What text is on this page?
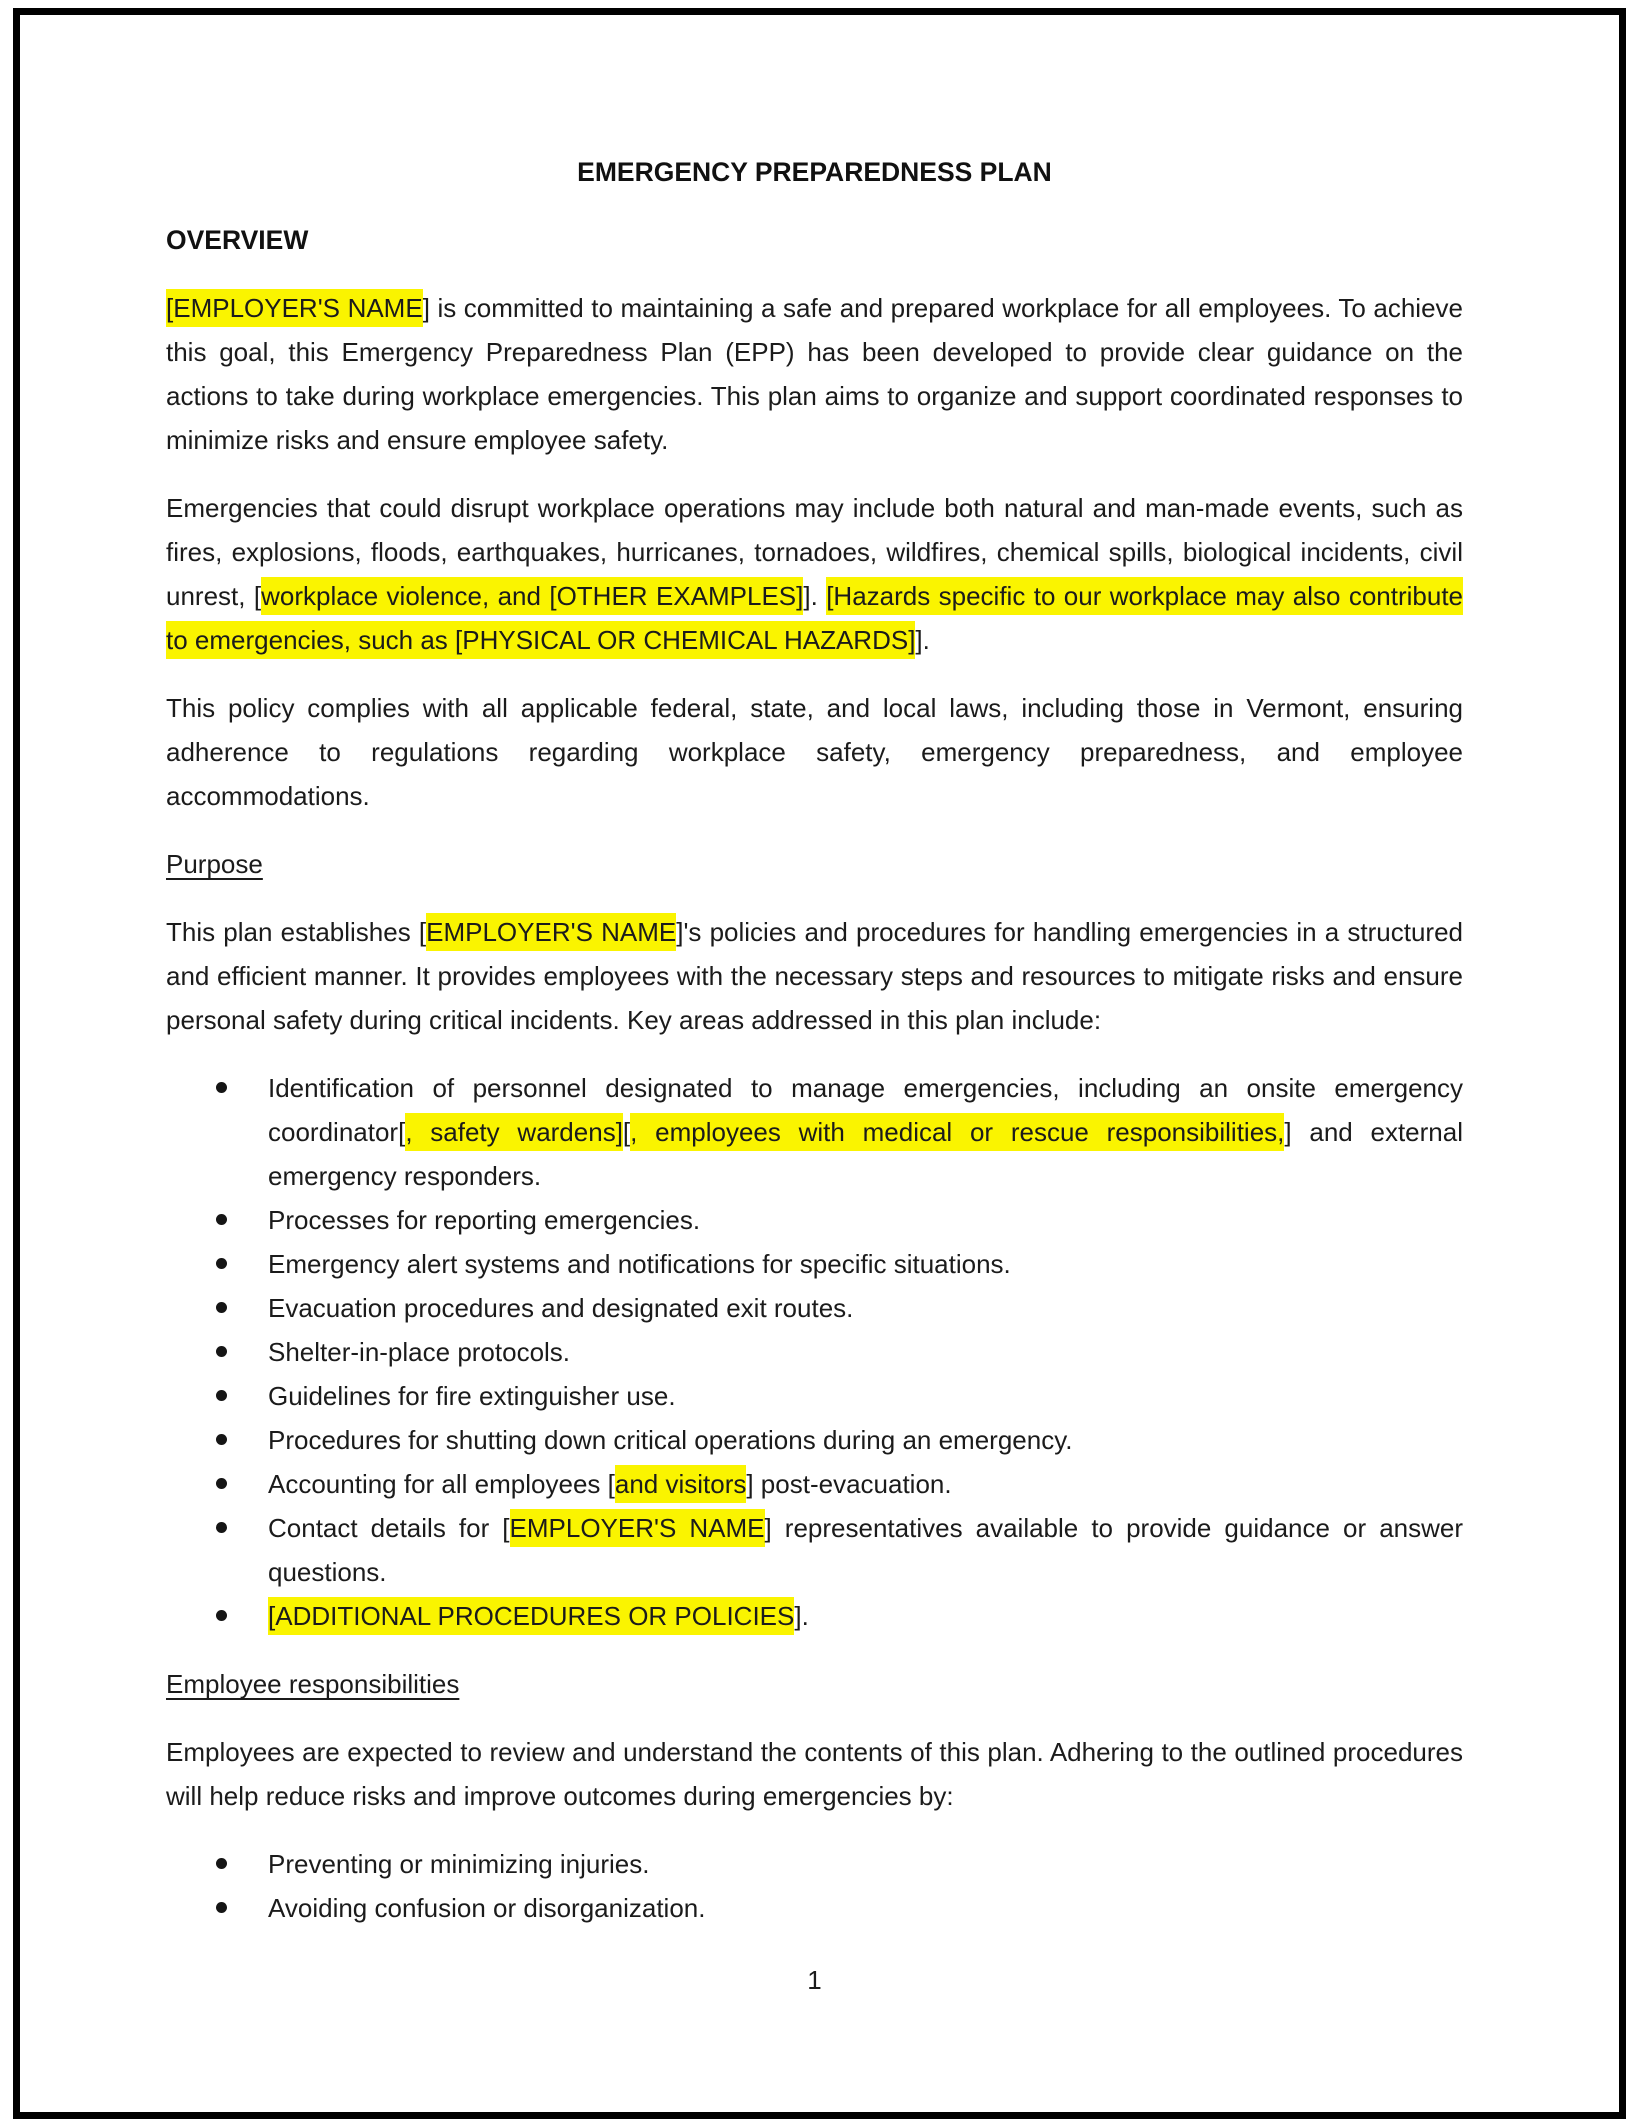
EMERGENCY PREPAREDNESS PLAN
OVERVIEW

[EMPLOYER'S NAME] is committed to maintaining a safe and prepared workplace for all employees. To achieve this goal, this Emergency Preparedness Plan (EPP) has been developed to provide clear guidance on the actions to take during workplace emergencies. This plan aims to organize and support coordinated responses to minimize risks and ensure employee safety.

Emergencies that could disrupt workplace operations may include both natural and man-made events, such as fires, explosions, floods, earthquakes, hurricanes, tornadoes, wildfires, chemical spills, biological incidents, civil unrest, [workplace violence, and [OTHER EXAMPLES]]. [Hazards specific to our workplace may also contribute to emergencies, such as [PHYSICAL OR CHEMICAL HAZARDS]].

This policy complies with all applicable federal, state, and local laws, including those in Vermont, ensuring adherence to regulations regarding workplace safety, emergency preparedness, and employee accommodations.

Purpose

This plan establishes [EMPLOYER'S NAME]'s policies and procedures for handling emergencies in a structured and efficient manner. It provides employees with the necessary steps and resources to mitigate risks and ensure personal safety during critical incidents. Key areas addressed in this plan include:

Identification of personnel designated to manage emergencies, including an onsite emergency coordinator[, safety wardens][, employees with medical or rescue responsibilities,] and external emergency responders.
Processes for reporting emergencies.
Emergency alert systems and notifications for specific situations.
Evacuation procedures and designated exit routes.
Shelter-in-place protocols.
Guidelines for fire extinguisher use.
Procedures for shutting down critical operations during an emergency.
Accounting for all employees [and visitors] post-evacuation.
Contact details for [EMPLOYER'S NAME] representatives available to provide guidance or answer questions.
[ADDITIONAL PROCEDURES OR POLICIES].
Employee responsibilities

Employees are expected to review and understand the contents of this plan. Adhering to the outlined procedures will help reduce risks and improve outcomes during emergencies by:

Preventing or minimizing injuries.
Avoiding confusion or disorganization.
1
